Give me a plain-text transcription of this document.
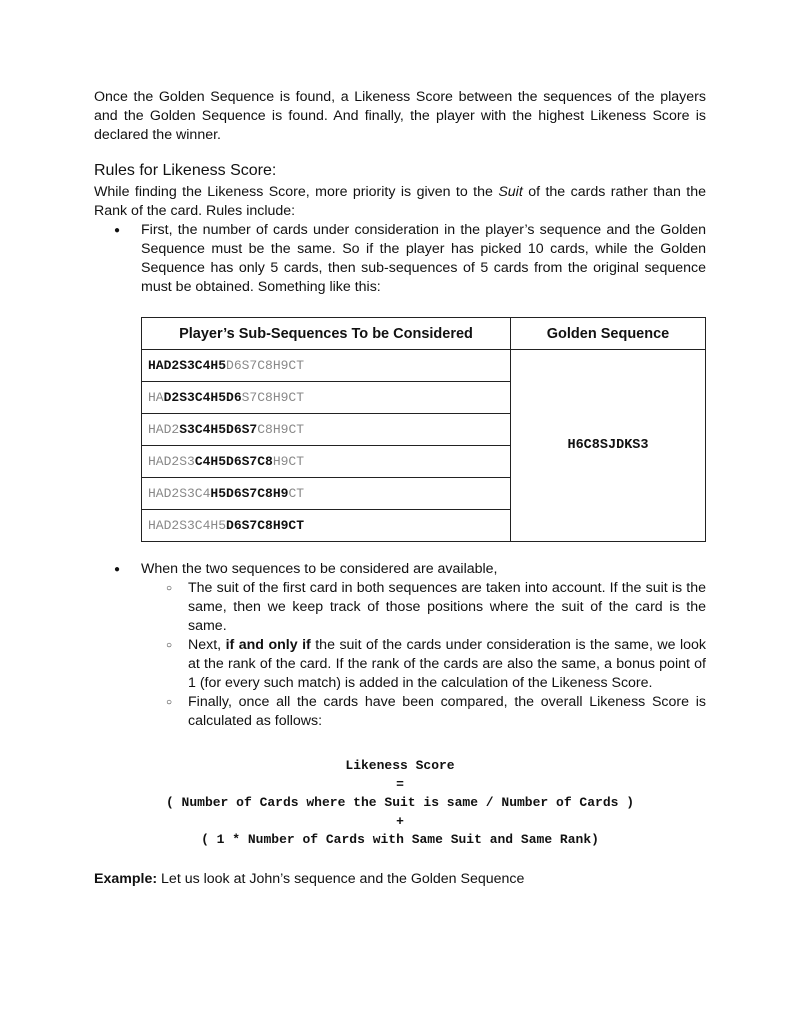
Once the Golden Sequence is found, a Likeness Score between the sequences of the players and the Golden Sequence is found. And finally, the player with the highest Likeness Score is declared the winner.

Rules for Likeness Score:

While finding the Likeness Score, more priority is given to the Suit of the cards rather than the Rank of the card. Rules include:

● First, the number of cards under consideration in the player’s sequence and the Golden Sequence must be the same. So if the player has picked 10 cards, while the Golden Sequence has only 5 cards, then sub-sequences of 5 cards from the original sequence must be obtained. Something like this:
Player’s Sub-Sequences To be Considered	Golden Sequence
HAD2S3C4H5D6S7C8H9CT	H6C8SJDKS3
HAD2S3C4H5D6S7C8H9CT	
HAD2S3C4H5D6S7C8H9CT	
HAD2S3C4H5D6S7C8H9CT	
HAD2S3C4H5D6S7C8H9CT	
HAD2S3C4H5D6S7C8H9CT	
● When the two sequences to be considered are available,
○ The suit of the first card in both sequences are taken into account. If the suit is the same, then we keep track of those positions where the suit of the card is the same.
○ Next, if and only if the suit of the cards under consideration is the same, we look at the rank of the card. If the rank of the cards are also the same, a bonus point of 1 (for every such match) is added in the calculation of the Likeness Score.
○ Finally, once all the cards have been compared, the overall Likeness Score is calculated as follows:
Likeness Score
=
( Number of Cards where the Suit is same / Number of Cards )
+
( 1 * Number of Cards with Same Suit and Same Rank)

Example: Let us look at John’s sequence and the Golden Sequence
